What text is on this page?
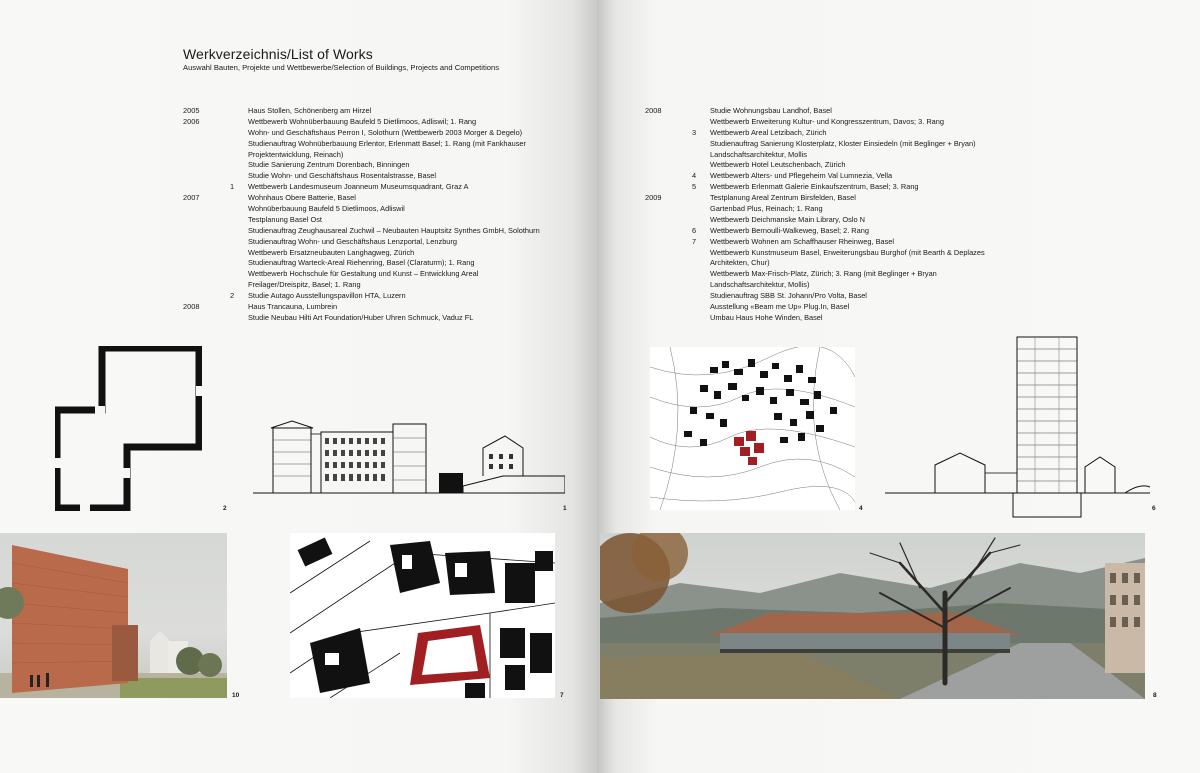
Werkverzeichnis/List of Works
Auswahl Bauten, Projekte und Wettbewerbe/Selection of Buildings, Projects and Competitions
2005	Haus Stollen, Schönenberg am Hirzel
2006	Wettbewerb Wohnüberbauung Baufeld 5 Dietlimoos, Adliswil; 1. Rang
Wohn- und Geschäftshaus Perron I, Solothurn (Wettbewerb 2003 Morger & Degelo)
Studienauftrag Wohnüberbauung Erlentor, Erlenmatt Basel; 1. Rang (mit Fankhauser
Projektentwicklung, Reinach)
Studie Sanierung Zentrum Dorenbach, Binningen
Studie Wohn- und Geschäftshaus Rosentalstrasse, Basel
1	Wettbewerb Landesmuseum Joanneum Museumsquadrant, Graz A
2007	Wohnhaus Obere Batterie, Basel
Wohnüberbauung Baufeld 5 Dietlimoos, Adliswil
Testplanung Basel Ost
Studienauftrag Zeughausareal Zuchwil – Neubauten Hauptsitz Synthes GmbH, Solothurn
Studienauftrag Wohn- und Geschäftshaus Lenzportal, Lenzburg
Wettbewerb Ersatzneubauten Langhagweg, Zürich
Studienauftrag Warteck-Areal Riehenring, Basel (Claraturm); 1. Rang
Wettbewerb Hochschule für Gestaltung und Kunst – Entwicklung Areal
Freilager/Dreispitz, Basel; 1. Rang
2	Studie Autago Ausstellungspavillon HTA, Luzern
2008	Haus Trancauna, Lumbrein
Studie Neubau Hilti Art Foundation/Huber Uhren Schmuck, Vaduz FL
2	1
10	7
2008	Studie Wohnungsbau Landhof, Basel
Wettbewerb Erweiterung Kultur- und Kongresszentrum, Davos; 3. Rang
3	Wettbewerb Areal Letzibach, Zürich
Studienauftrag Sanierung Klosterplatz, Kloster Einsiedeln (mit Beglinger + Bryan)
Landschaftsarchitektur, Mollis
Wettbewerb Hotel Leutschenbach, Zürich
4	Wettbewerb Alters- und Pflegeheim Val Lumnezia, Vella
5	Wettbewerb Erlenmatt Galerie Einkaufszentrum, Basel; 3. Rang
2009	Testplanung Areal Zentrum Birsfelden, Basel
Gartenbad Plus, Reinach; 1. Rang
Wettbewerb Deichmanske Main Library, Oslo N
6	Wettbewerb Bernoulli-Walkeweg, Basel; 2. Rang
7	Wettbewerb Wohnen am Schaffhauser Rheinweg, Basel
Wettbewerb Kunstmuseum Basel, Erweiterungsbau Burghof (mit Bearth & Deplazes
Architekten, Chur)
Wettbewerb Max-Frisch-Platz, Zürich; 3. Rang (mit Beglinger + Bryan
Landschaftsarchitektur, Mollis)
Studienauftrag SBB St. Johann/Pro Volta, Basel
Ausstellung «Beam me Up» Plug.In, Basel
Umbau Haus Hohe Winden, Basel
4	6
8
